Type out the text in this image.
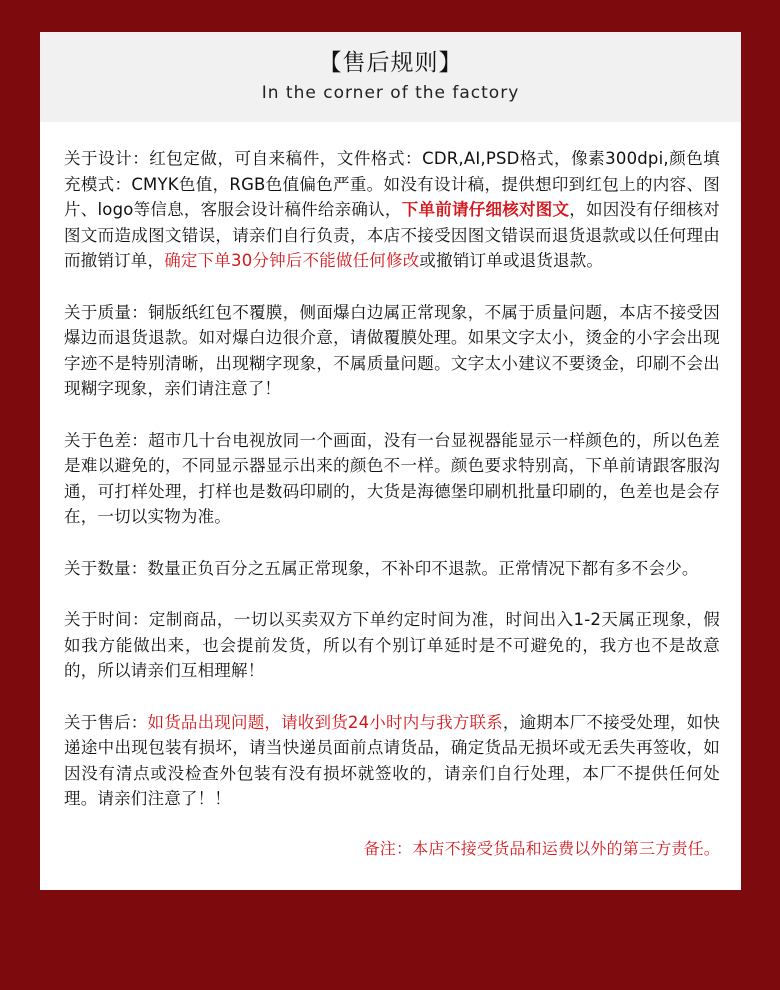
【售后规则】
In the corner of the factory

关于设计：红包定做，可自来稿件，文件格式：CDR,AI,PSD格式，像素300dpi,颜色填充模式：CMYK色值，RGB色值偏色严重。如没有设计稿，提供想印到红包上的内容、图片、logo等信息，客服会设计稿件给亲确认，下单前请仔细核对图文，如因没有仔细核对图文而造成图文错误，请亲们自行负责，本店不接受因图文错误而退货退款或以任何理由而撤销订单，确定下单30分钟后不能做任何修改或撤销订单或退货退款。

关于质量：铜版纸红包不覆膜，侧面爆白边属正常现象，不属于质量问题，本店不接受因爆边而退货退款。如对爆白边很介意，请做覆膜处理。如果文字太小，烫金的小字会出现字迹不是特别清晰，出现糊字现象，不属质量问题。文字太小建议不要烫金，印刷不会出现糊字现象，亲们请注意了！

关于色差：超市几十台电视放同一个画面，没有一台显视器能显示一样颜色的，所以色差是难以避免的，不同显示器显示出来的颜色不一样。颜色要求特别高，下单前请跟客服沟通，可打样处理，打样也是数码印刷的，大货是海德堡印刷机批量印刷的，色差也是会存在，一切以实物为准。

关于数量：数量正负百分之五属正常现象，不补印不退款。正常情况下都有多不会少。

关于时间：定制商品，一切以买卖双方下单约定时间为准，时间出入1-2天属正现象，假如我方能做出来，也会提前发货，所以有个别订单延时是不可避免的，我方也不是故意的，所以请亲们互相理解！

关于售后：如货品出现问题，请收到货24小时内与我方联系，逾期本厂不接受处理，如快递途中出现包装有损坏，请当快递员面前点请货品，确定货品无损坏或无丢失再签收，如因没有清点或没检查外包装有没有损坏就签收的，请亲们自行处理，本厂不提供任何处理。请亲们注意了！！

备注：本店不接受货品和运费以外的第三方责任。
